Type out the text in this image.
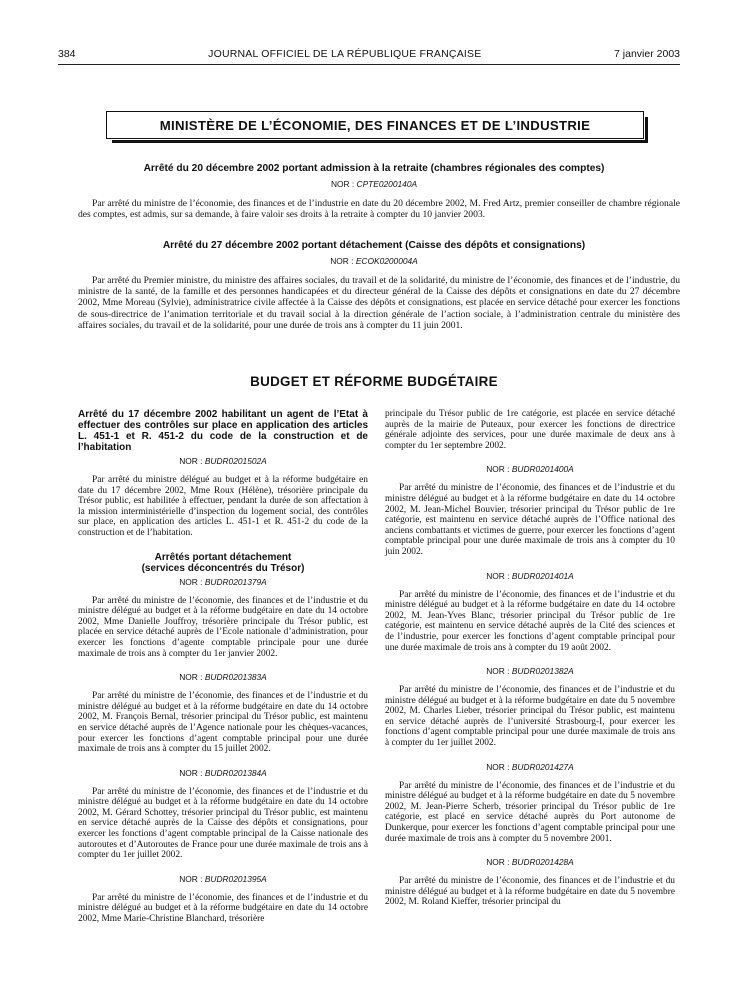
384	JOURNAL OFFICIEL DE LA RÉPUBLIQUE FRANÇAISE	7 janvier 2003
MINISTÈRE DE L’ÉCONOMIE, DES FINANCES ET DE L’INDUSTRIE
Arrêté du 20 décembre 2002 portant admission à la retraite (chambres régionales des comptes)
NOR : CPTE0200140A
Par arrêté du ministre de l’économie, des finances et de l’industrie en date du 20 décembre 2002, M. Fred Artz, premier conseiller de chambre régionale des comptes, est admis, sur sa demande, à faire valoir ses droits à la retraite à compter du 10 janvier 2003.
Arrêté du 27 décembre 2002 portant détachement (Caisse des dépôts et consignations)
NOR : ECOK0200004A
Par arrêté du Premier ministre, du ministre des affaires sociales, du travail et de la solidarité, du ministre de l’économie, des finances et de l’industrie, du ministre de la santé, de la famille et des personnes handicapées et du directeur général de la Caisse des dépôts et consignations en date du 27 décembre 2002, Mme Moreau (Sylvie), administratrice civile affectée à la Caisse des dépôts et consignations, est placée en service détaché pour exercer les fonctions de sous-directrice de l’animation territoriale et du travail social à la direction générale de l’action sociale, à l’administration centrale du ministère des affaires sociales, du travail et de la solidarité, pour une durée de trois ans à compter du 11 juin 2001.
BUDGET ET RÉFORME BUDGÉTAIRE
Arrêté du 17 décembre 2002 habilitant un agent de l’Etat à effectuer des contrôles sur place en application des articles L. 451-1 et R. 451-2 du code de la construction et de l’habitation
NOR : BUDR0201502A
Par arrêté du ministre délégué au budget et à la réforme budgétaire en date du 17 décembre 2002, Mme Roux (Hélène), trésorière principale du Trésor public, est habilitée à effectuer, pendant la durée de son affectation à la mission interministérielle d’inspection du logement social, des contrôles sur place, en application des articles L. 451-1 et R. 451-2 du code de la construction et de l’habitation.
Arrêtés portant détachement
(services déconcentrés du Trésor)
NOR : BUDR0201379A
Par arrêté du ministre de l’économie, des finances et de l’industrie et du ministre délégué au budget et à la réforme budgétaire en date du 14 octobre 2002, Mme Danielle Jouffroy, trésorière principale du Trésor public, est placée en service détaché auprès de l’Ecole nationale d’administration, pour exercer les fonctions d’agente comptable principale pour une durée maximale de trois ans à compter du 1er janvier 2002.
NOR : BUDR0201383A
Par arrêté du ministre de l’économie, des finances et de l’industrie et du ministre délégué au budget et à la réforme budgétaire en date du 14 octobre 2002, M. François Bernal, trésorier principal du Trésor public, est maintenu en service détaché auprès de l’Agence nationale pour les chèques-vacances, pour exercer les fonctions d’agent comptable principal pour une durée maximale de trois ans à compter du 15 juillet 2002.
NOR : BUDR0201384A
Par arrêté du ministre de l’économie, des finances et de l’industrie et du ministre délégué au budget et à la réforme budgétaire en date du 14 octobre 2002, M. Gérard Schottey, trésorier principal du Trésor public, est maintenu en service détaché auprès de la Caisse des dépôts et consignations, pour exercer les fonctions d’agent comptable principal de la Caisse nationale des autoroutes et d’Autoroutes de France pour une durée maximale de trois ans à compter du 1er juillet 2002.
NOR : BUDR0201395A
Par arrêté du ministre de l’économie, des finances et de l’industrie et du ministre délégué au budget et à la réforme budgétaire en date du 14 octobre 2002, Mme Marie-Christine Blanchard, trésorière
principale du Trésor public de 1re catégorie, est placée en service détaché auprès de la mairie de Puteaux, pour exercer les fonctions de directrice générale adjointe des services, pour une durée maximale de deux ans à compter du 1er septembre 2002.
NOR : BUDR0201400A
Par arrêté du ministre de l’économie, des finances et de l’industrie et du ministre délégué au budget et à la réforme budgétaire en date du 14 octobre 2002, M. Jean-Michel Bouvier, trésorier principal du Trésor public de 1re catégorie, est maintenu en service détaché auprès de l’Office national des anciens combattants et victimes de guerre, pour exercer les fonctions d’agent comptable principal pour une durée maximale de trois ans à compter du 10 juin 2002.
NOR : BUDR0201401A
Par arrêté du ministre de l’économie, des finances et de l’industrie et du ministre délégué au budget et à la réforme budgétaire en date du 14 octobre 2002, M. Jean-Yves Blanc, trésorier principal du Trésor public de 1re catégorie, est maintenu en service détaché auprès de la Cité des sciences et de l’industrie, pour exercer les fonctions d’agent comptable principal pour une durée maximale de trois ans à compter du 19 août 2002.
NOR : BUDR0201382A
Par arrêté du ministre de l’économie, des finances et de l’industrie et du ministre délégué au budget et à la réforme budgétaire en date du 5 novembre 2002, M. Charles Lieber, trésorier principal du Trésor public, est maintenu en service détaché auprès de l’université Strasbourg-I, pour exercer les fonctions d’agent comptable principal pour une durée maximale de trois ans à compter du 1er juillet 2002.
NOR : BUDR0201427A
Par arrêté du ministre de l’économie, des finances et de l’industrie et du ministre délégué au budget et à la réforme budgétaire en date du 5 novembre 2002, M. Jean-Pierre Scherb, trésorier principal du Trésor public de 1re catégorie, est placé en service détaché auprès du Port autonome de Dunkerque, pour exercer les fonctions d’agent comptable principal pour une durée maximale de trois ans à compter du 5 novembre 2001.
NOR : BUDR0201428A
Par arrêté du ministre de l’économie, des finances et de l’industrie et du ministre délégué au budget et à la réforme budgétaire en date du 5 novembre 2002, M. Roland Kieffer, trésorier principal du
